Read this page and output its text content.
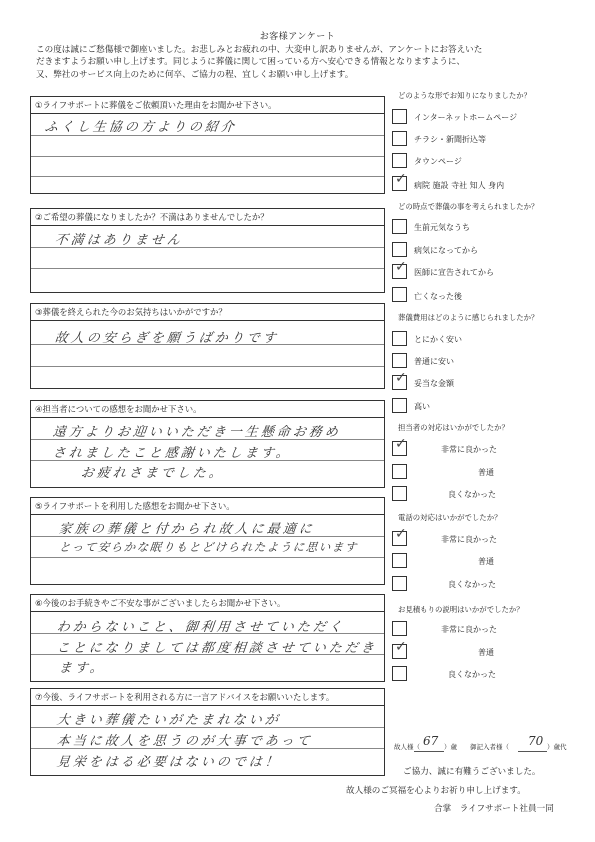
お客様アンケート
この度は誠にご愁傷様で御座いました。お悲しみとお疲れの中、大変申し訳ありませんが、アンケートにお答えいた
だきますようお願い申し上げます。同じように葬儀に関して困っている方へ安心できる情報となりますように、
又、弊社のサービス向上のために何卒、ご協力の程、宜しくお願い申し上げます。
①ライフサポートに葬儀をご依頼頂いた理由をお聞かせ下さい。
ふくし生協の方よりの紹介
②ご希望の葬儀になりましたか？不満はありませんでしたか？
不満はありません
③葬儀を終えられた今のお気持ちはいかがですか？
故人の安らぎを願うばかりです
④担当者についての感想をお聞かせ下さい。
遠方よりお迎いいただき一生懸命お務め
されましたこと感謝いたします。
お疲れさまでした。
⑤ライフサポートを利用した感想をお聞かせ下さい。
家族の葬儀と付かられ故人に最適に
とって安らかな眠りもとどけられたように思います
⑥今後のお手続きやご不安な事がございましたらお聞かせ下さい。
わからないこと、御利用させていただく
ことになりましては都度相談させていただき
ます。
⑦今後、ライフサポートを利用される方に一言アドバイスをお願いいたします。
大きい葬儀たいがたまれないが
本当に故人を思うのが大事であって
見栄をはる必要はないのでは！
どのような形でお知りになりましたか？
インターネットホームページ
チラシ・新聞折込等
タウンページ
✓ 病院 施設 寺社 知人 身内
どの時点で葬儀の事を考えられましたか？
生前元気なうち
病気になってから
✓ 医師に宣告されてから
亡くなった後
葬儀費用はどのように感じられましたか？
とにかく安い
普通に安い
✓ 妥当な金額
高い
担当者の対応はいかがでしたか？
✓	非常に良かった
普通
良くなかった
電話の対応はいかがでしたか？
✓	非常に良かった
普通
良くなかった
お見積もりの説明はいかがでしたか？
非常に良かった
✓	普通
良くなかった
故人様（ 67 ）歳 御記入者様（ 70 ）歳代
ご協力、誠に有難うございました。
故人様のご冥福を心よりお祈り申し上げます。
合掌　ライフサポート社員一同
